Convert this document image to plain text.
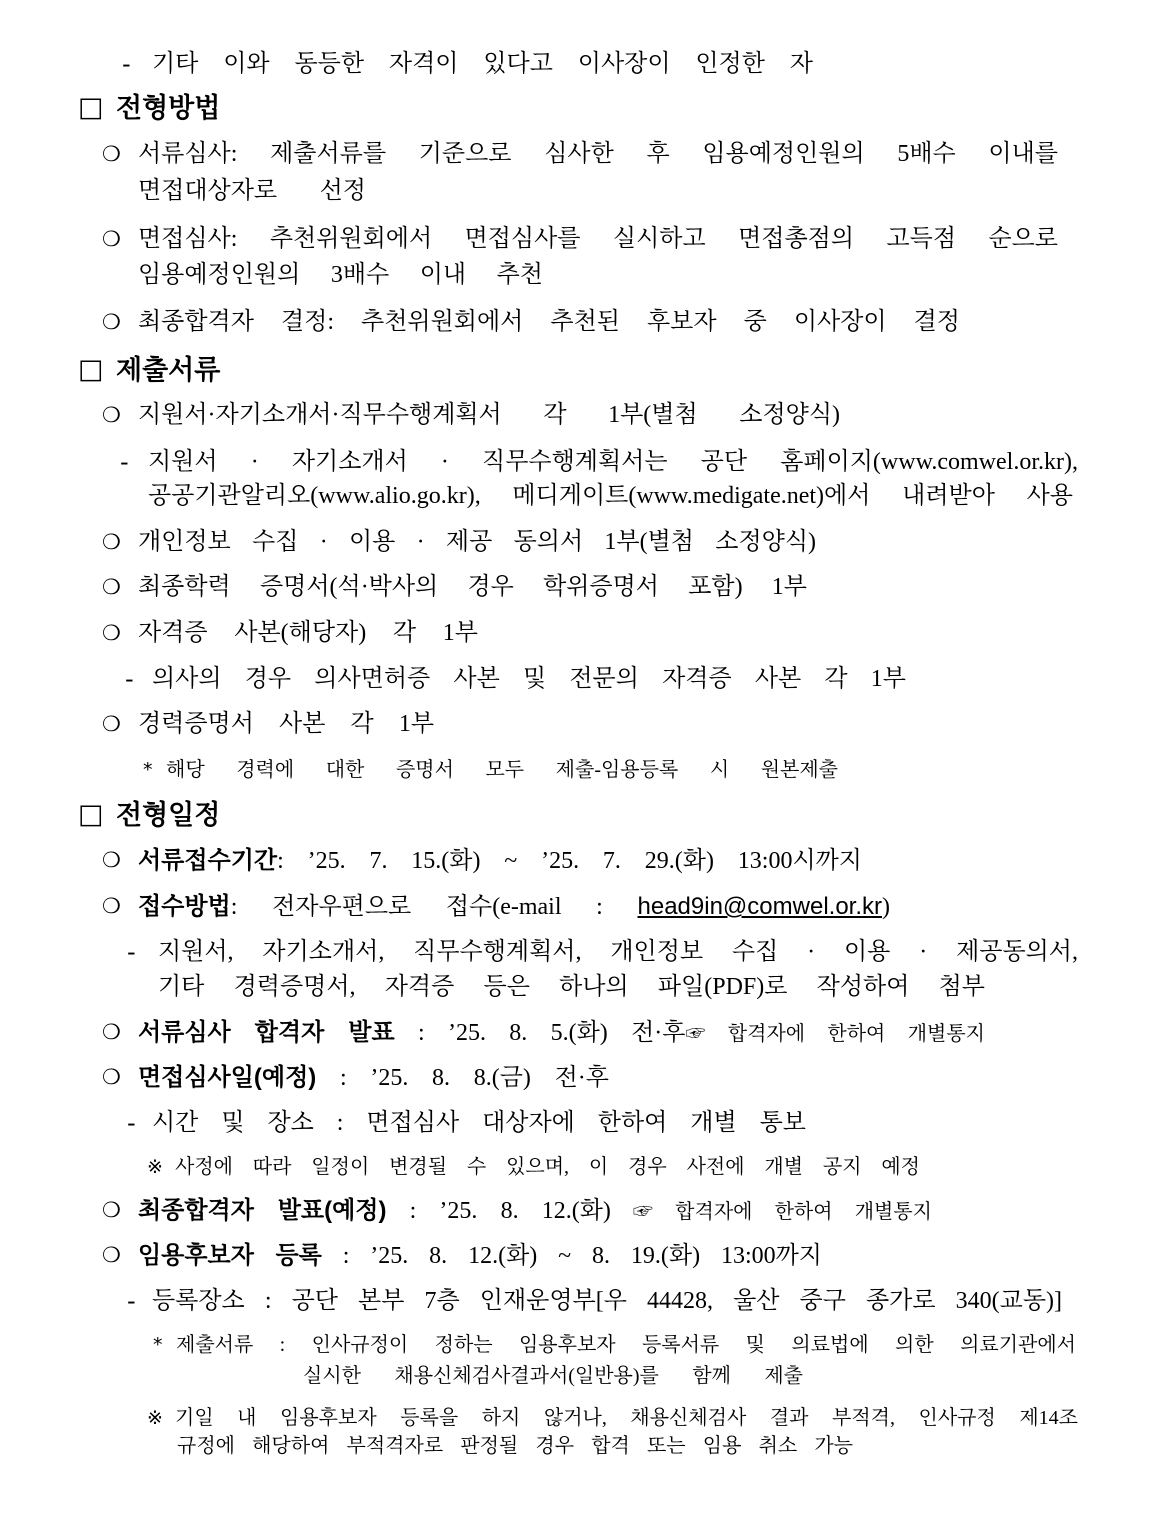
- 기타 이와 동등한 자격이 있다고 이사장이 인정한 자
□ 전형방법
❍ 서류심사: 제출서류를 기준으로 심사한 후 임용예정인원의 5배수 이내를
면접대상자로 선정
❍ 면접심사: 추천위원회에서 면접심사를 실시하고 면접총점의 고득점 순으로
임용예정인원의 3배수 이내 추천
❍ 최종합격자 결정: 추천위원회에서 추천된 후보자 중 이사장이 결정
□ 제출서류
❍ 지원서·자기소개서·직무수행계획서 각 1부(별첨 소정양식)
- 지원서 · 자기소개서 · 직무수행계획서는 공단 홈페이지(www.comwel.or.kr),
공공기관알리오(www.alio.go.kr), 메디게이트(www.medigate.net)에서 내려받아 사용
❍ 개인정보 수집 · 이용 · 제공 동의서 1부(별첨 소정양식)
❍ 최종학력 증명서(석·박사의 경우 학위증명서 포함) 1부
❍ 자격증 사본(해당자) 각 1부
- 의사의 경우 의사면허증 사본 및 전문의 자격증 사본 각 1부
❍ 경력증명서 사본 각 1부
* 해당 경력에 대한 증명서 모두 제출-임용등록 시 원본제출
□ 전형일정
❍ 서류접수기간: ’25. 7. 15.(화) ~ ’25. 7. 29.(화) 13:00시까지
❍ 접수방법: 전자우편으로 접수(e-mail : head9in@comwel.or.kr)
- 지원서, 자기소개서, 직무수행계획서, 개인정보 수집 · 이용 · 제공동의서,
기타 경력증명서, 자격증 등은 하나의 파일(PDF)로 작성하여 첨부
❍ 서류심사 합격자 발표 : ’25. 8. 5.(화) 전·후☞ 합격자에 한하여 개별통지
❍ 면접심사일(예정) : ’25. 8. 8.(금) 전·후
- 시간 및 장소 : 면접심사 대상자에 한하여 개별 통보
※ 사정에 따라 일정이 변경될 수 있으며, 이 경우 사전에 개별 공지 예정
❍ 최종합격자 발표(예정) : ’25. 8. 12.(화) ☞ 합격자에 한하여 개별통지
❍ 임용후보자 등록 : ’25. 8. 12.(화) ~ 8. 19.(화) 13:00까지
- 등록장소 : 공단 본부 7층 인재운영부[우 44428, 울산 중구 종가로 340(교동)]
* 제출서류 : 인사규정이 정하는 임용후보자 등록서류 및 의료법에 의한 의료기관에서
실시한 채용신체검사결과서(일반용)를 함께 제출
※ 기일 내 임용후보자 등록을 하지 않거나, 채용신체검사 결과 부적격, 인사규정 제14조
규정에 해당하여 부적격자로 판정될 경우 합격 또는 임용 취소 가능
